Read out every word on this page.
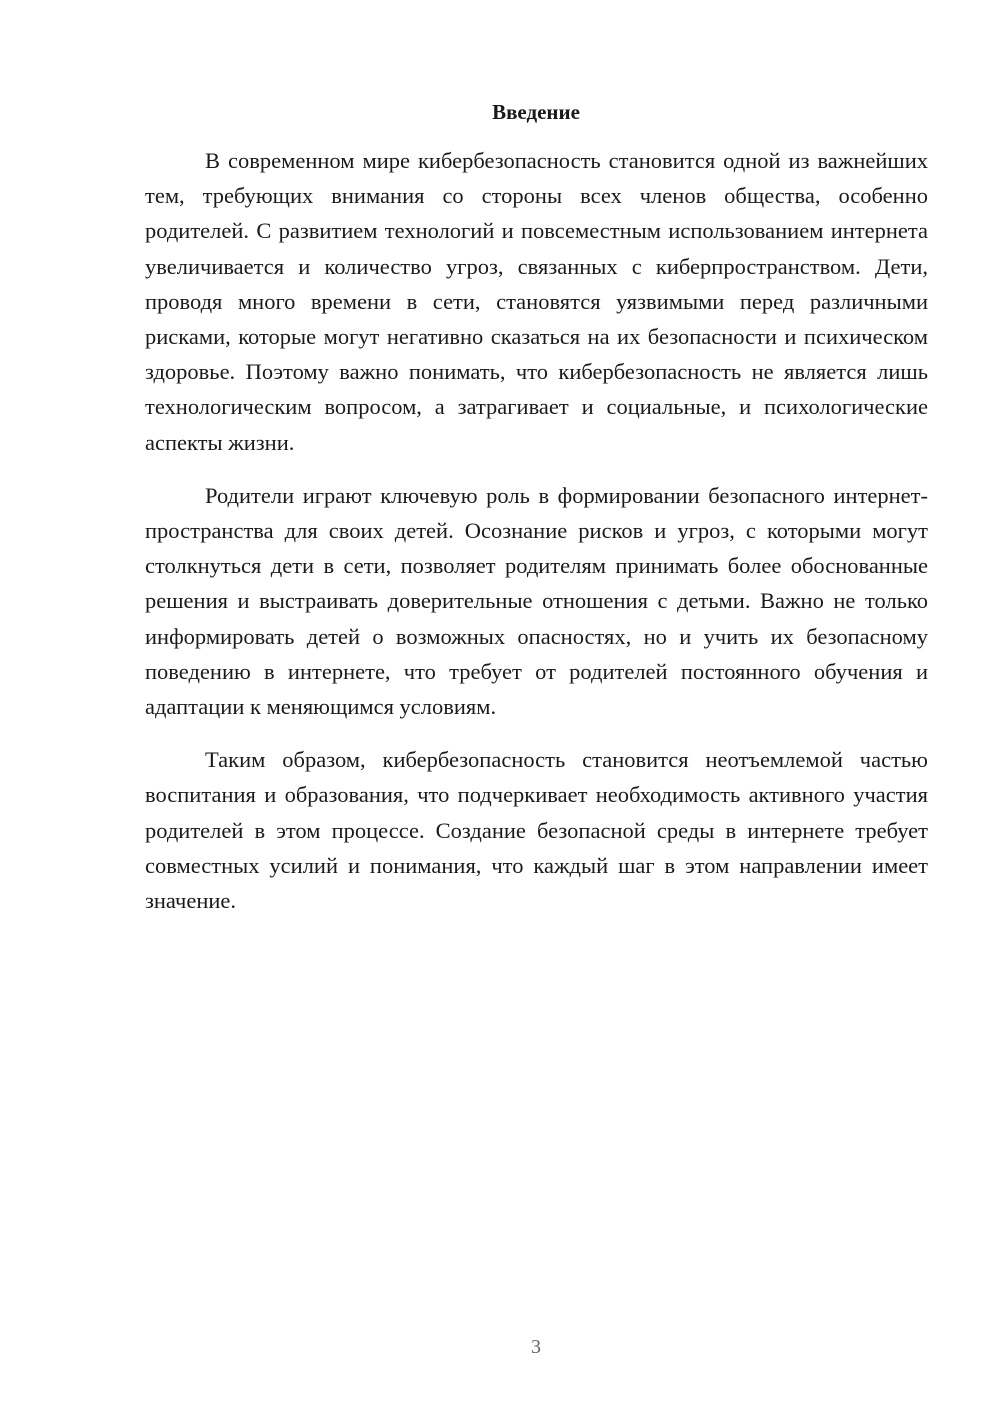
Введение

В современном мире кибербезопасность становится одной из важнейших тем, требующих внимания со стороны всех членов общества, особенно родителей. С развитием технологий и повсеместным использованием интернета увеличивается и количество угроз, связанных с киберпространством. Дети, проводя много времени в сети, становятся уязвимыми перед различными рисками, которые могут негативно сказаться на их безопасности и психическом здоровье. Поэтому важно понимать, что кибербезопасность не является лишь технологическим вопросом, а затрагивает и социальные, и психологические аспекты жизни.

Родители играют ключевую роль в формировании безопасного интернет-пространства для своих детей. Осознание рисков и угроз, с которыми могут столкнуться дети в сети, позволяет родителям принимать более обоснованные решения и выстраивать доверительные отношения с детьми. Важно не только информировать детей о возможных опасностях, но и учить их безопасному поведению в интернете, что требует от родителей постоянного обучения и адаптации к меняющимся условиям.

Таким образом, кибербезопасность становится неотъемлемой частью воспитания и образования, что подчеркивает необходимость активного участия родителей в этом процессе. Создание безопасной среды в интернете требует совместных усилий и понимания, что каждый шаг в этом направлении имеет значение.

3
